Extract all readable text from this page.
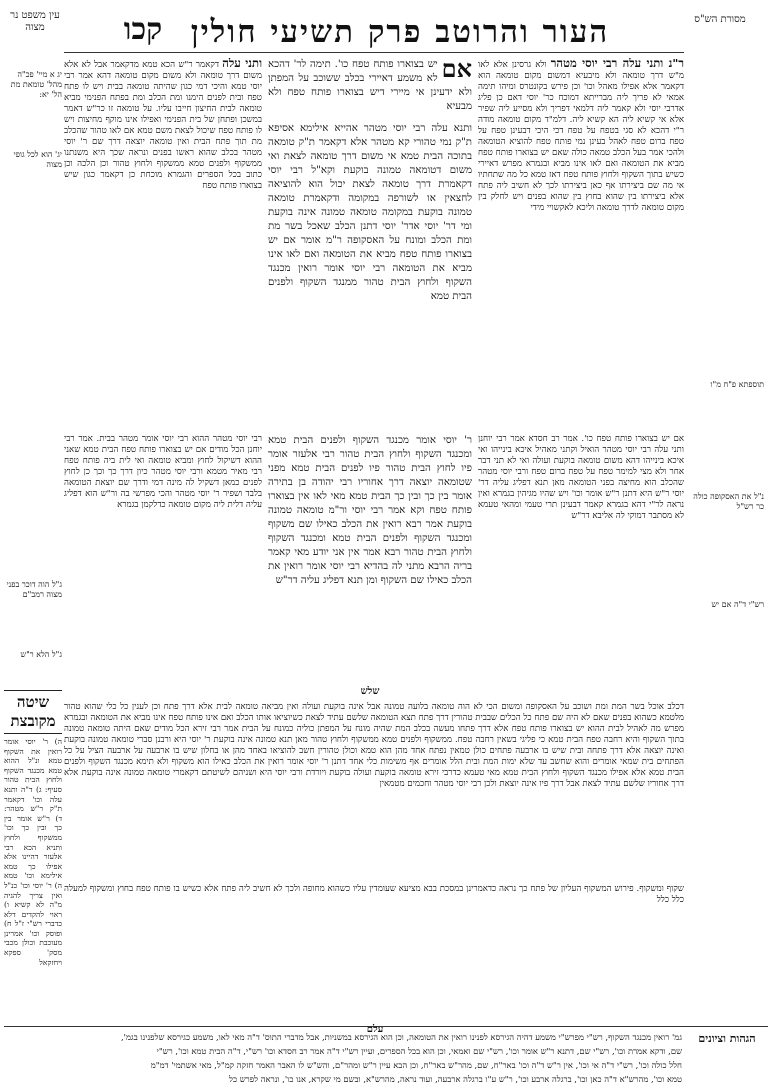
העור והרוטב פרק תשיעי חולין
קכו	מסורת הש"ס
עין משפט נר מצוה
ר"נ ותני עלה רבי יוסי מטהר ולא גרסינן אלא לאו מ"ש דרך טומאה ולא מיבעיא דמשום מקום טומאה הוא דקאמר אלא אפילו מאהל וכו' וכן פירש בקונטרס ומיהו תימה אמאי לא פריך ליה מברייתא דמוכח כר' יוסי דאם כן פליג אדרבי יוסי ולא קאמר ליה דלמאי דפריך ולא מסייע ליה שפיר אלא אי קשיא ליה הא קשיא ליה. דלמ"ד מקום טומאה מודה ר"י דהכא לא סגי בטפח על טפח דכי היכי דבעינן טפח על טפח ברום טפח לאהל בעינן נמי פותח טפח להוציא הטומאה ולהכי אמר בעל הכלב טמאה כולה שאם יש בצוארו פותח טפח מביא את הטומאה ואם לאו אינו מביא ובגמרא מפרש דאיירי כשיש בתוך השקוף ולחוץ פותח טפח דאז טמא כל מה שתחתיו אי מה שם ביצירתו אף כאן ביצירתו לכך לא חשיב ליה פתח אלא ביצירתו בין שהוא בחוץ בין שהוא בפנים ויש לחלק בין מקום טומאה לדרך טומאה וליכא לאקשויי מידי
ותני עלה דקאמר ר"ש הכא טמא מדקאמר אבל לא אלא משום דרך טומאה ולא משום מקום טומאה דהא אמר רבי יוסי טמא והיכי דמי כגון שהיתה טומאה בבית ויש לו פתח טפח ובית לפנים הימנו ומת הכלב ומת בפתח הפנימי מביא טומאה לבית החיצון חייבו עליו. על טומאה זו כר"ש דאמר במשכן ופתחן של בית הפנימי ואפילו אינו מוקף מחיצות ויש לו פותח טפח שיכול לצאת משם טמא אם לאו טהור שהכלב מת תוך פתח הבית ואין טומאה יוצאה דרך שם ר' יוסי מטהר בכלב שהוא ראשו בפנים ונראה שכך היא משנתנו ממשקוף ולפנים טמא ממשקוף ולחוץ טהור וכן הלכה וכן כתוב בכל הספרים והגמרא מוכחת כן דקאמר כגון שיש בצוארו פותח טפח
אם
יש בצוארו פותח טפח כו'. תימה לר' דהכא לא משמע דאיירי בכלב ששוכב על המפתן ולא ידעינן אי מיירי דיש בצוארו פותח טפח ולא מבעיא
ותנא עלה רבי יוסי מטהר אהייא אילימא אסיפא ת"ק נמי טהורי קא מטהר אלא דקאמר ת"ק טומאה בתוכה הבית טמא אי משום דרך טומאה לצאת ואי משום דטומאה טמונה בוקעת וקא"ל רבי יוסי דקאמרת דרך טומאה לצאת יכול הוא להוציאה לחצאין או לשורפה במקומה ודקאמרת טומאה טמונה בוקעת במקומה טומאה טמונה אינה בוקעת ומי דר' יוסי אדר' יוסי דתנן הכלב שאכל בשר מת ומת הכלב ומונח על האסקופה ר"מ אומר אם יש בצוארו פותח טפח מביא את הטומאה ואם לאו אינו מביא את הטומאה רבי יוסי אומר רואין מכנגד השקוף ולחוץ הבית טהור ממנגד השקוף ולפנים הבית טמא
ר' יוסי אומר מכנגד השקוף ולפנים הבית טמא ומכנגד השקוף ולחוץ הבית טהור רבי אלעזר אומר פיו לחוץ הבית טהור פיו לפנים הבית טמא מפני שטומאה יוצאה דרך אחוריו רבי יהודה בן בתירה אומר בין כך ובין כך הבית טמא מאי לאו אין בצוארו פותח טפח וקא אמר רבי יוסי ור"מ טומאה טמונה בוקעת אמר רבא רואין את הכלב כאילו שם משקוף ומכנגד השקוף ולפנים הבית טמא ומכנגד השקוף ולחוץ הבית טהור רבא אמר אין אני יודע מאי קאמר בריה הרבא מתני לה בהדיא רבי יוסי אומר רואין את הכלב כאילו שם השקוף ומן תנא דפליג עליה דר"ש
אם יש בצוארו פותח טפח כו'. אמר רב חסדא אמר רבי יוחנן ותני עלה רבי יוסי מטהר הואיל וקתני מאהיל איכא בינייהו ואי איכא בינייהו דהא משום טומאה בוקעת ועולה ואי לא תני דבר אחר ולא מצי למימר טפח על טפח ברום טפח ורבי יוסי מטהר שהכלב הוא מחיצה בפני הטומאה מאן תנא דפליג עליה דר' יוסי ר"ש היא דתנן ר"ש אומר וכו' ויש שהיו מגיהין בגמרא ואין נראה לר"י דהא בגמרא קאמר דבעינן תרי טעמי ומהאי טעמא לא מסתבר דמוקי לה אליבא דר"ש
רבי יוסי מטהר ההוא רבי יוסי אומר מטהר בבית. אמר רבי יוחנן הכל מודים אם יש בצוארו פותח טפח הבית טמא שאני ההוא דשיקול לחוץ ומביא טומאה ואי לית ביה פותח טפח רבי מאיר מטמא ורבי יוסי מטהר כיון דרך כך וכך כן לחוץ לפנים כמאן דשקיל לה מינה דמי ודרך שם יוצאת הטומאה בלבד ושפיר ר' יוסי מטהר והכי מפרשי בה ור"ש הוא דפליג עליה דלית ליה מקום טומאה כדלקמן בגמרא
שלש
דכלב אוכל בשר המת ומת ושוכב על האסקופה ומשום הכי לא הוה טומאה בלועה טמונה אבל אינה בוקעת ועולה ואין מביאה טומאה לבית אלא דרך פתח וכן לענין כל כלי שהוא טהור מלטמא כשהוא בפנים שאם לא היה שם פתח כל הכלים שבבית טהורין דרך פתח תצא הטומאה שלשם עתיד לצאת כשיוציאו אותו הכלב ואם אינו פותח טפח אינו מביא את הטומאה ובגמרא מפרש מה לאהיל לבית ההוא יש בצוארו פותח טפח אלא דרך פתחו מעשה בכלב המת שהיה מונח על המפתן כוליה כמונח על הבית אמר רבי זירא הכל מודים שאם היתה טומאה טמונה בתוך השקוף והיא רחבה טפח הבית טמא כי פליגי בשאין רחבה טפח. ממשקוף ולפנים טמא ממשקוף ולחוץ טהור מאן תנא טמונה אינה בוקעת ר' יוסי היא ורבנן סברי טומאה טמונה בוקעת ואינה יוצאה אלא דרך פתחה ובית שיש בו ארבעה פתחים כולן טמאין נפתח אחד מהן הוא טמא וכולן טהורין חשב להוציאו באחד מהן או בחלון שיש בו ארבעה על ארבעה הציל על כל הפתחים בית שמאי אומרים והוא שחשב עד שלא ימות המת ובית הלל אומרים אף משימות כלי אחד דתנן ר' יוסי אומר רואין את הכלב כאילו הוא משקוף ולא תימא מכנגד השקוף ולפנים הבית טמא אלא אפילו מכנגד השקוף ולחוץ הבית טמא מאי טעמא כדרבי זירא טומאה בוקעת ועולה בוקעת ויורדת ורבי יוסי היא ושניהם לשיטתם דקאמרי טומאה טמונה אינה בוקעת אלא דרך אחוריו שלשם עתיד לצאת אבל דרך פיו אינה יוצאת ולכן רבי יוסי מטהר וחכמים מטמאין
שקוף ומשקוף. פירוש המשקוף העליון של פתח כך נראה כדאמרינן במסכת בבא מציעא שעומדין עליו כשהוא מחופה ולכך לא חשיב ליה פתח אלא כשיש בו פותח טפח בחוץ ומשקוף למעלה כלל כלל
עלם
תוספתא פ"ח מ"ו
נ"ל את האסקופה כולה כר רש"ל
רש"י ד"ה אם יש
יג א מיי' פכ"ה מהל' טומאת מת הל' יא:
יג' הוא לכל גופי מצוה
ג"ל הוה דוכר בפני מצוה רמב"ם
ג"ל הלא ר"ש
שיטה מקובצת
ה) ר' יוסי אומר רואין את השקוף טמא ונ"ל ההוא טמא מכנגד השקוף ולחוץ הבית טהור סעיף: ג) ד"ה ותנא עלה וכו' דקאמר ת"ק ר"ש מטהר: ד) ר"ש אומר בין כך ובין כך וכו' ממשקוף ולחוץ ותניא הכא רבי אלעזר דהיינו אלא אפילו כך טמא אילימא וכו' טמא ה) ר' יוסי וכו' כנ"ל ואין צריך להגיה מ"ה לא קשיא ו) ראוי להקדים דלא כדברי רש"י ז"ל ח) ופוסק וכו' אמרינן מעוכבת וכולן מכבי מסק' ספקא ויחזקאל
הגהות וציונים
גמ' רואין מכנגד השקוף, רש"י מפרש"י משמע דהיה הגירסא לפנינו רואין את הטומאה, וכן הוא הגירסא במשניות, אבל מדברי התוס' ד"ה מאי לאו, משמע כגירסא שלפנינו בגמ',
שם, ודקא אמרת וכו', רש"י שם, דתנא ר"ש אומר וכו', רש"י שם ואמאי, וכן הוא בכל הספרים, ועיין רש"י ד"ה אמר רב חסדא וכו' רש"י, ד"ה הבית טמא וכו', רש"י
חלל כולה וכו', רש"י ד"ה אי וכו', אין ר"ש ד"ה וכו' באר"ח, שם, מהר"ש באר"ח, וכן הבא עיין ר"ש ומהר"ם, והש"ש לו האבר האמר חזקה קמ"ל, מאי אשתמי' דמ"מ
טמא וכו', מהרש"א ד"ה כאן וכו', ברגלה ארבע וכו', ר"ש ע"ו ברגלה ארבעה, ועוד נראה, מהרש"א, ובשם מי שקרא, אנו כו', ונראה לפרש כל
